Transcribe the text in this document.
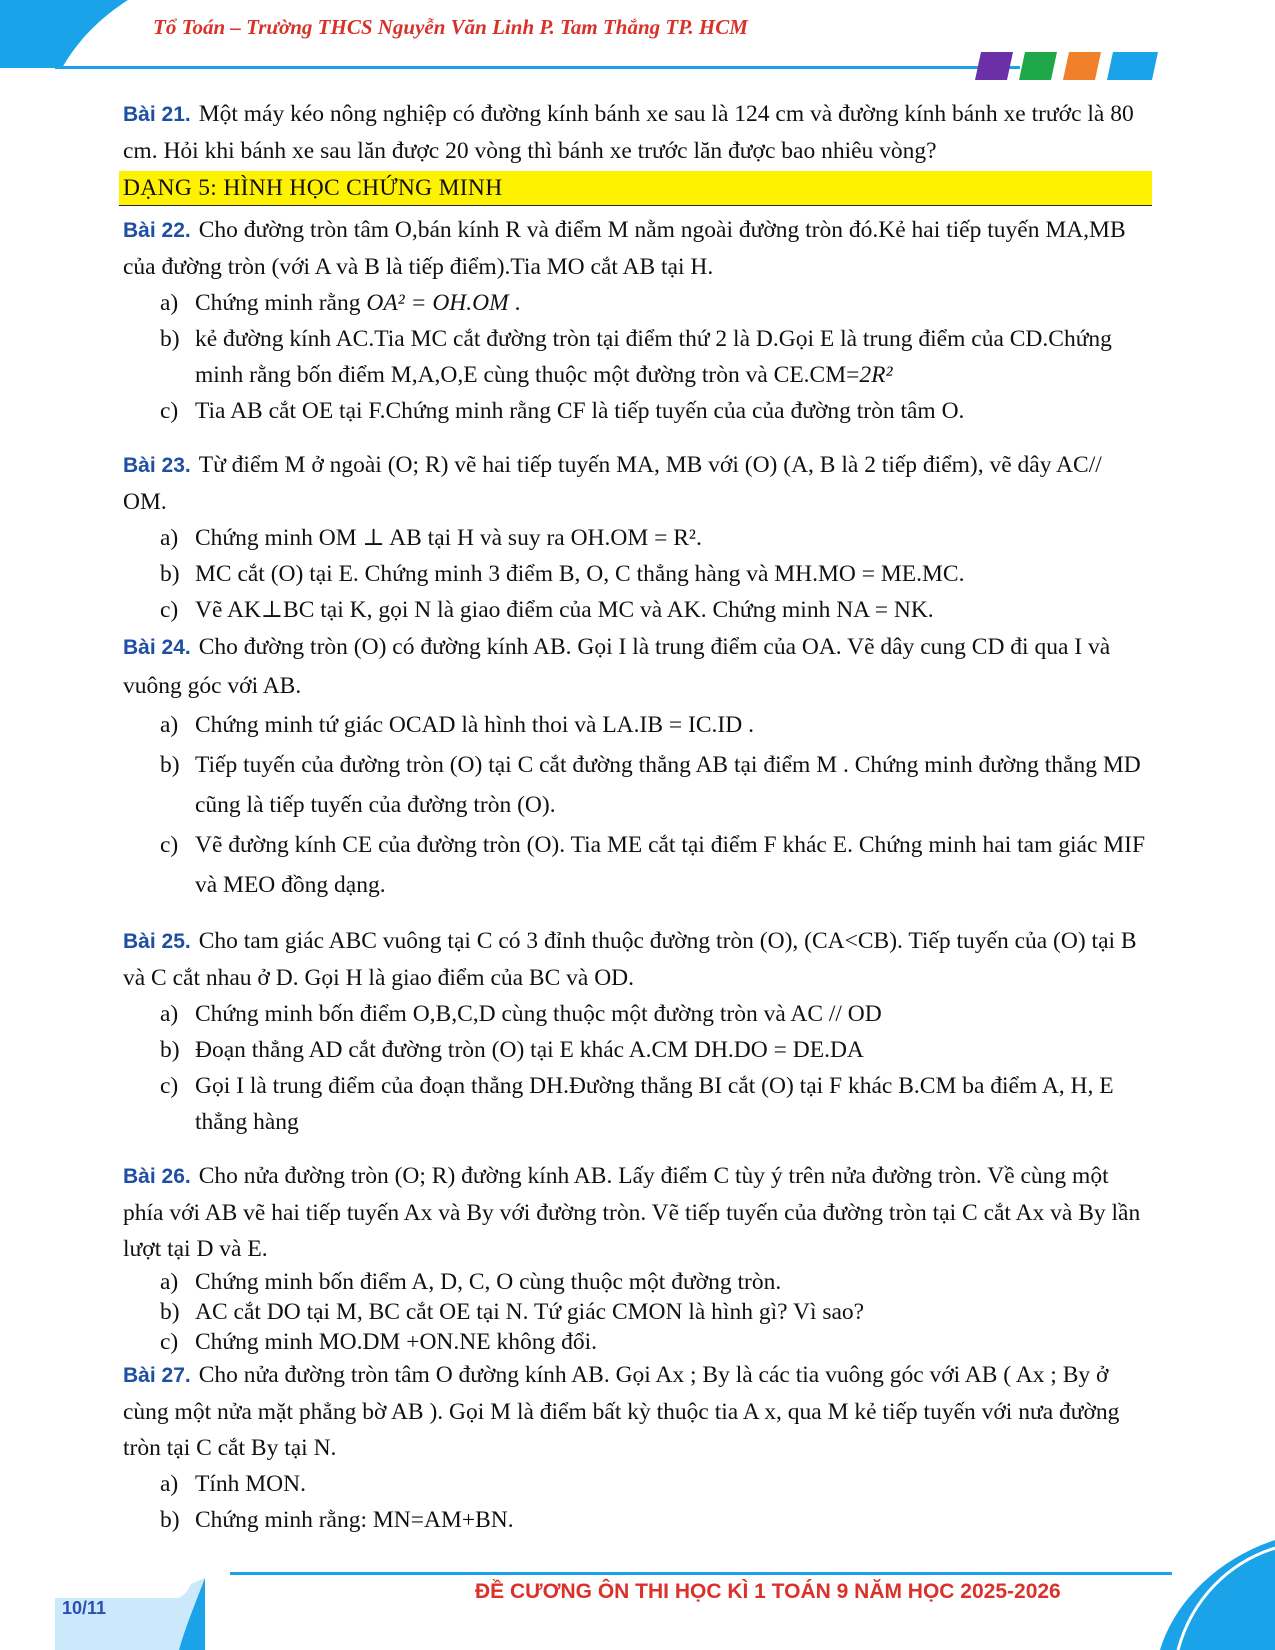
Tổ Toán – Trường THCS Nguyễn Văn Linh P. Tam Thắng TP. HCM

Bài 21. Một máy kéo nông nghiệp có đường kính bánh xe sau là 124 cm và đường kính bánh xe trước là 80 cm. Hỏi khi bánh xe sau lăn được 20 vòng thì bánh xe trước lăn được bao nhiêu vòng?

DẠNG 5: HÌNH HỌC CHỨNG MINH

Bài 22. Cho đường tròn tâm O,bán kính R và điểm M nằm ngoài đường tròn đó.Kẻ hai tiếp tuyến MA,MB của đường tròn (với A và B là tiếp điểm).Tia MO cắt AB tại H.

a) Chứng minh rằng OA² = OH.OM .
b) kẻ đường kính AC.Tia MC cắt đường tròn tại điểm thứ 2 là D.Gọi E là trung điểm của CD.Chứng minh rằng bốn điểm M,A,O,E cùng thuộc một đường tròn và CE.CM=2R²
c) Tia AB cắt OE tại F.Chứng minh rằng CF là tiếp tuyến của của đường tròn tâm O.

Bài 23. Từ điểm M ở ngoài (O; R) vẽ hai tiếp tuyến MA, MB với (O) (A, B là 2 tiếp điểm), vẽ dây AC// OM.

a) Chứng minh OM ⊥ AB tại H và suy ra OH.OM = R².
b) MC cắt (O) tại E. Chứng minh 3 điểm B, O, C thẳng hàng và MH.MO = ME.MC.
c) Vẽ AK⊥BC tại K, gọi N là giao điểm của MC và AK. Chứng minh NA = NK.

Bài 24. Cho đường tròn (O) có đường kính AB. Gọi I là trung điểm của OA. Vẽ dây cung CD đi qua I và vuông góc với AB.

a) Chứng minh tứ giác OCAD là hình thoi và LA.IB = IC.ID .
b) Tiếp tuyến của đường tròn (O) tại C cắt đường thẳng AB tại điểm M . Chứng minh đường thẳng MD cũng là tiếp tuyến của đường tròn (O).
c) Vẽ đường kính CE của đường tròn (O). Tia ME cắt tại điểm F khác E. Chứng minh hai tam giác MIF và MEO đồng dạng.

Bài 25. Cho tam giác ABC vuông tại C có 3 đỉnh thuộc đường tròn (O), (CA<CB). Tiếp tuyến của (O) tại B và C cắt nhau ở D. Gọi H là giao điểm của BC và OD.

a) Chứng minh bốn điểm O,B,C,D cùng thuộc một đường tròn và AC // OD
b) Đoạn thẳng AD cắt đường tròn (O) tại E khác A.CM DH.DO = DE.DA
c) Gọi I là trung điểm của đoạn thẳng DH.Đường thẳng BI cắt (O) tại F khác B.CM ba điểm A, H, E thẳng hàng

Bài 26. Cho nửa đường tròn (O; R) đường kính AB. Lấy điểm C tùy ý trên nửa đường tròn. Về cùng một phía với AB vẽ hai tiếp tuyến Ax và By với đường tròn. Vẽ tiếp tuyến của đường tròn tại C cắt Ax và By lần lượt tại D và E.

a) Chứng minh bốn điểm A, D, C, O cùng thuộc một đường tròn.
b) AC cắt DO tại M, BC cắt OE tại N. Tứ giác CMON là hình gì? Vì sao?
c) Chứng minh MO.DM +ON.NE không đổi.

Bài 27. Cho nửa đường tròn tâm O đường kính AB. Gọi Ax ; By là các tia vuông góc với AB ( Ax ; By ở cùng một nửa mặt phẳng bờ AB ). Gọi M là điểm bất kỳ thuộc tia A x, qua M kẻ tiếp tuyến với nưa đường tròn tại C cắt By tại N.

a) Tính MON.
b) Chứng minh rằng: MN=AM+BN.
ĐỀ CƯƠNG ÔN THI HỌC KÌ 1 TOÁN 9 NĂM HỌC 2025-2026
10/11
